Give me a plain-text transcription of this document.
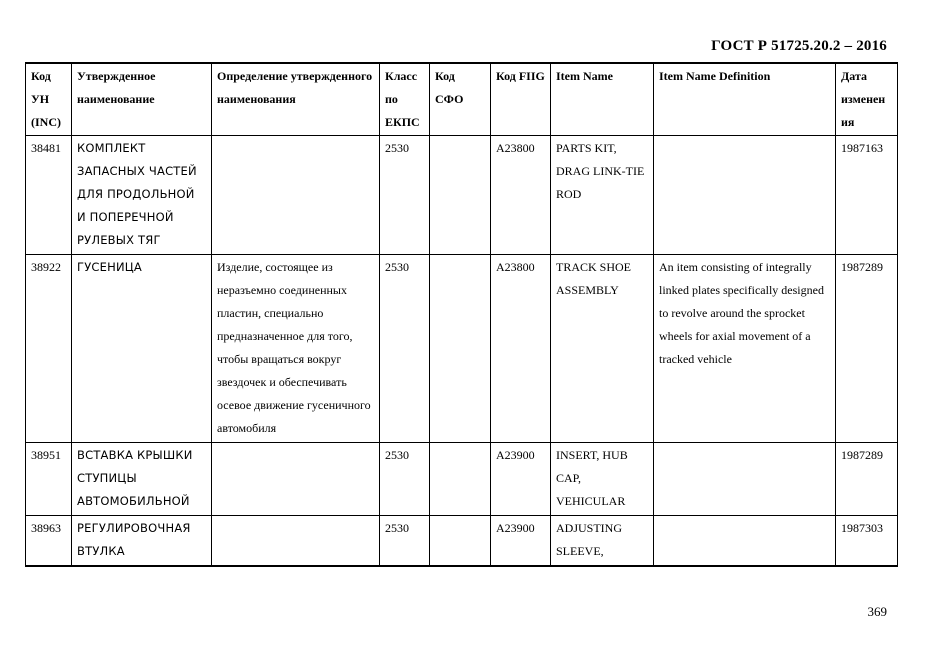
ГОСТ Р 51725.20.2 – 2016
Код УН (INC)	Утвержденное наименование	Определение утвержденного наименования	Класс по ЕКПС	Код СФО	Код FIIG	Item Name	Item Name Definition	Дата изменения
38481	КОМПЛЕКТ ЗАПАСНЫХ ЧАСТЕЙ ДЛЯ ПРОДОЛЬНОЙ И ПОПЕРЕЧНОЙ РУЛЕВЫХ ТЯГ		2530		A23800	PARTS KIT, DRAG LINK-TIE ROD		1987163
38922	ГУСЕНИЦА	Изделие, состоящее из неразъемно соединенных пластин, специально предназначенное для того, чтобы вращаться вокруг звездочек и обеспечивать осевое движение гусеничного автомобиля	2530		A23800	TRACK SHOE ASSEMBLY	An item consisting of integrally linked plates specifically designed to revolve around the sprocket wheels for axial movement of a tracked vehicle	1987289
38951	ВСТАВКА КРЫШКИ СТУПИЦЫ АВТОМОБИЛЬНОЙ		2530		A23900	INSERT, HUB CAP, VEHICULAR		1987289
38963	РЕГУЛИРОВОЧНАЯ ВТУЛКА		2530		A23900	ADJUSTING SLEEVE,		1987303
369
